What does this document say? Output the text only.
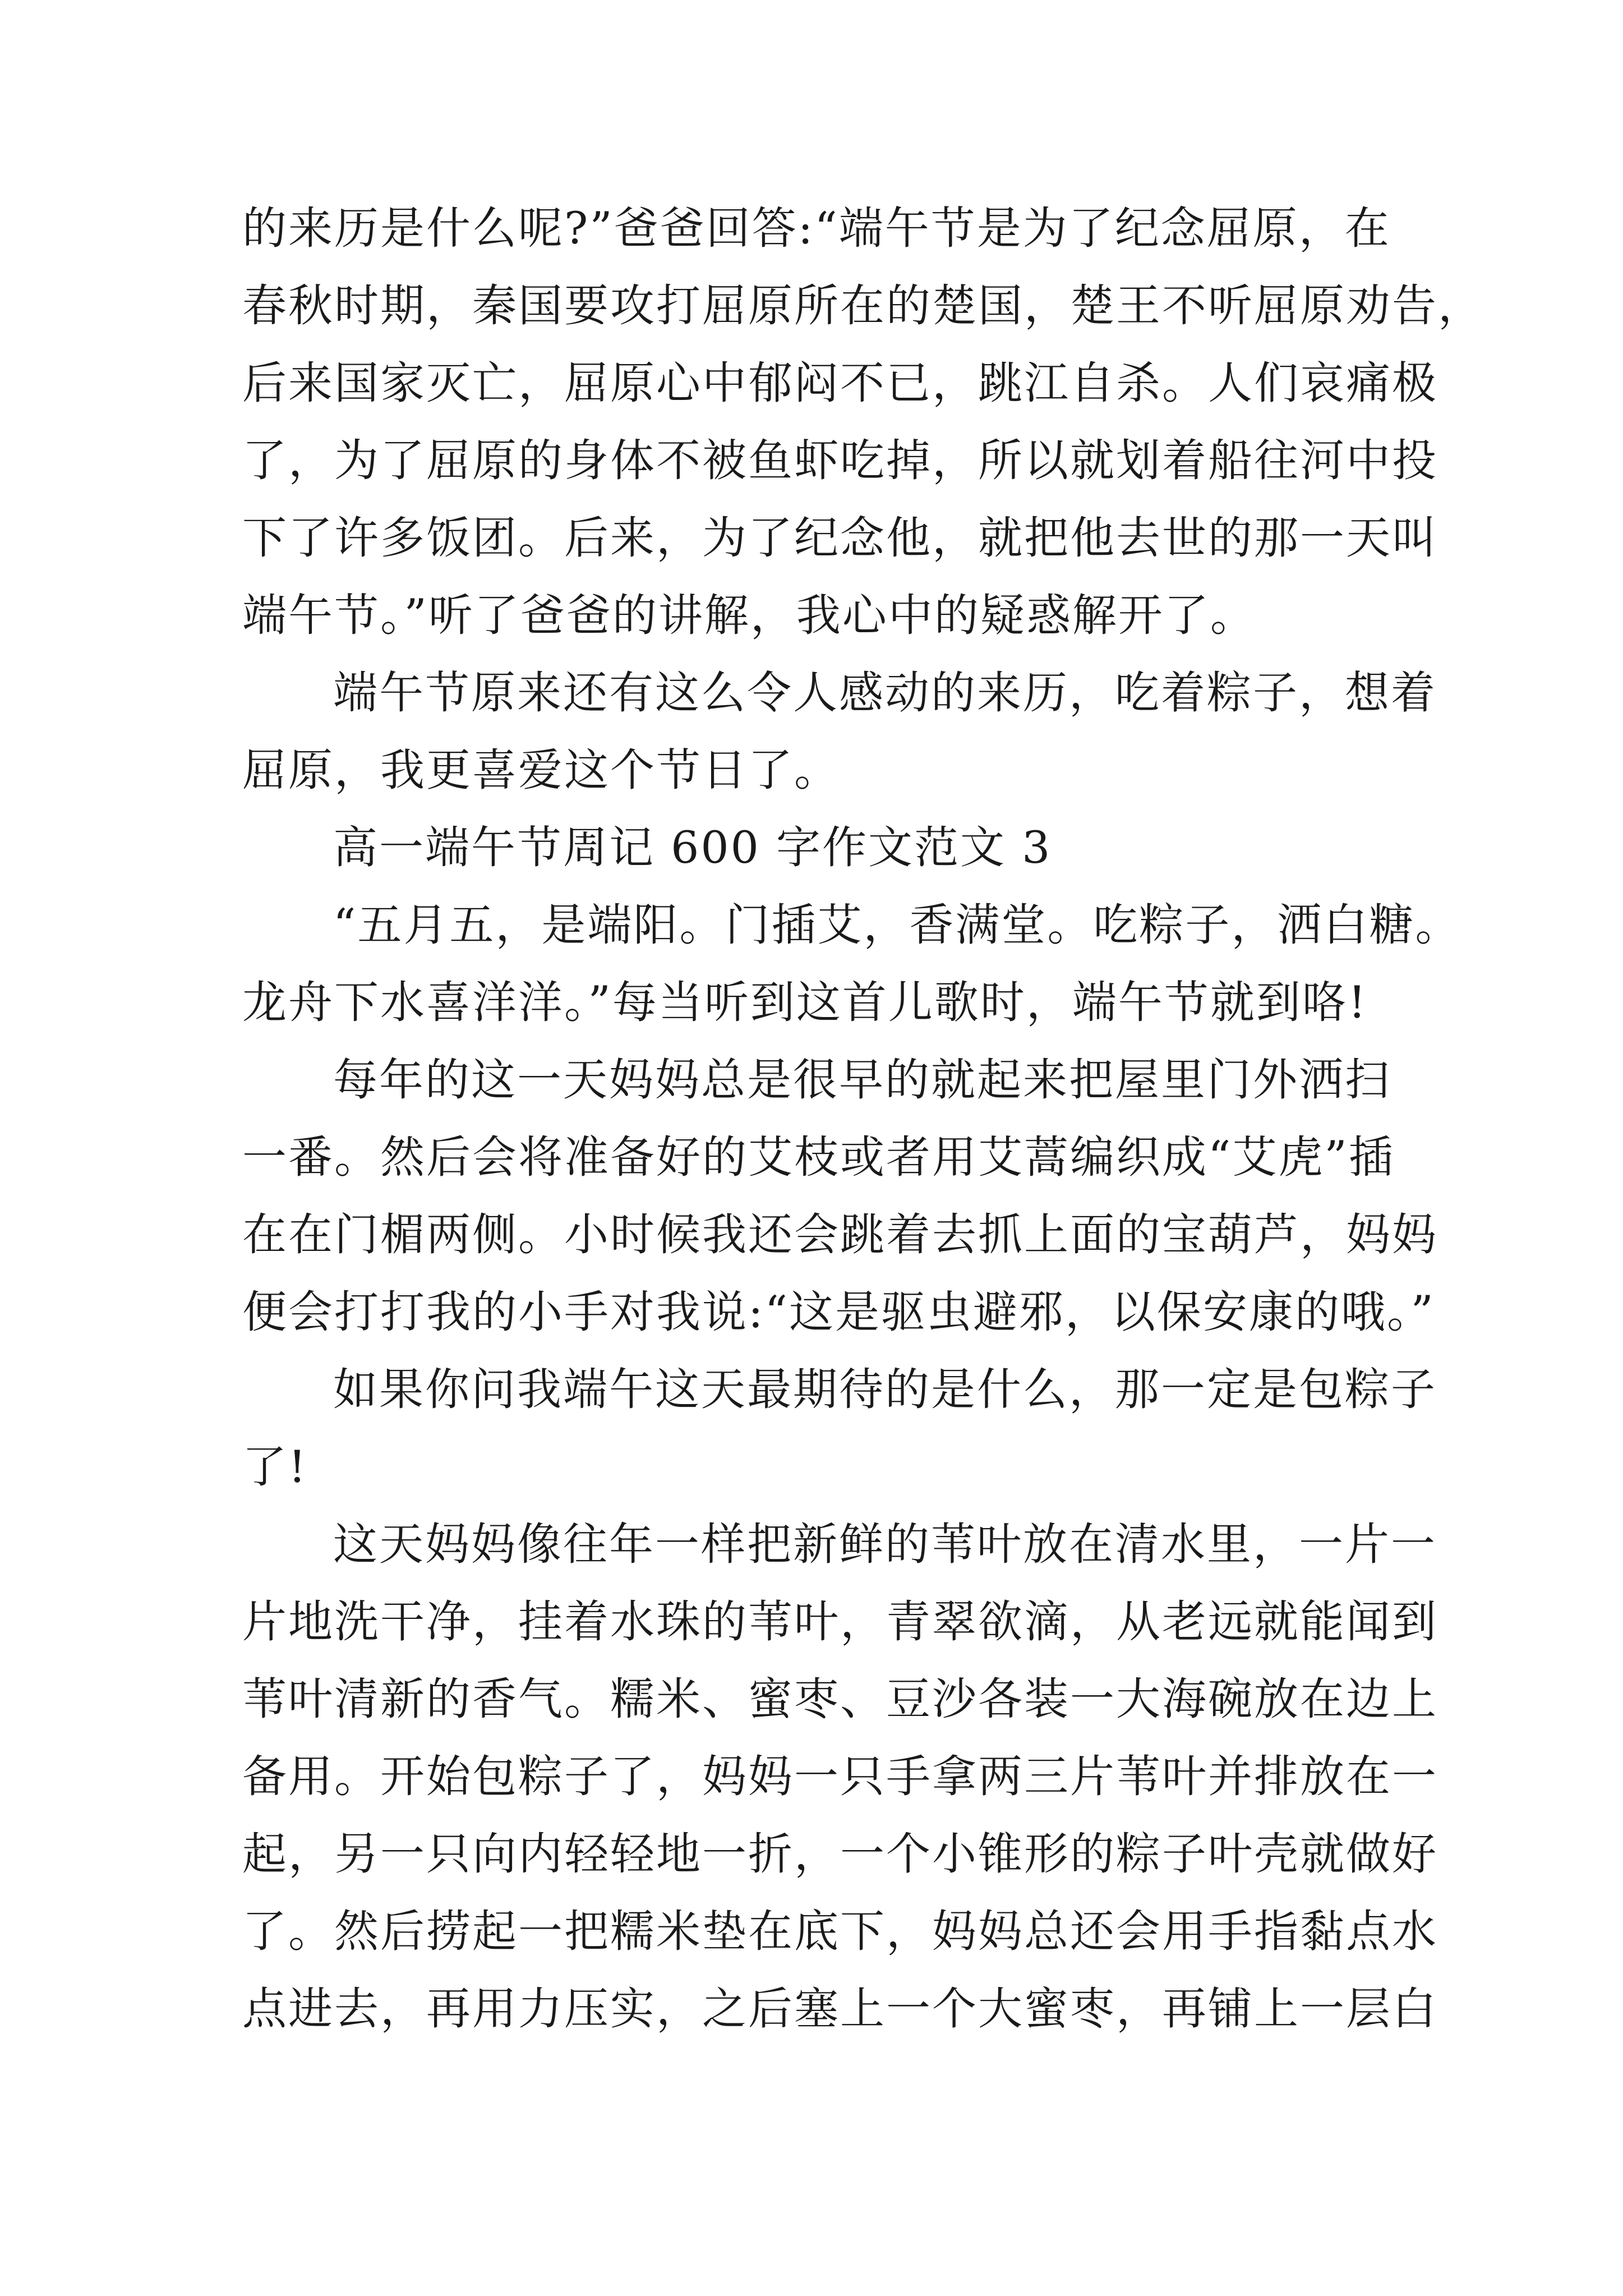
的来历是什么呢?”爸爸回答:“端午节是为了纪念屈原，在
春秋时期，秦国要攻打屈原所在的楚国，楚王不听屈原劝告，
后来国家灭亡，屈原心中郁闷不已，跳江自杀。人们哀痛极
了，为了屈原的身体不被鱼虾吃掉，所以就划着船往河中投
下了许多饭团。后来，为了纪念他，就把他去世的那一天叫
端午节。”听了爸爸的讲解，我心中的疑惑解开了。
端午节原来还有这么令人感动的来历，吃着粽子，想着
屈原，我更喜爱这个节日了。
高一端午节周记 600 字作文范文 3
“五月五，是端阳。门插艾，香满堂。吃粽子，洒白糖。
龙舟下水喜洋洋。”每当听到这首儿歌时，端午节就到咯!
每年的这一天妈妈总是很早的就起来把屋里门外洒扫
一番。然后会将准备好的艾枝或者用艾蒿编织成“艾虎”插
在在门楣两侧。小时候我还会跳着去抓上面的宝葫芦，妈妈
便会打打我的小手对我说:“这是驱虫避邪，以保安康的哦。”
如果你问我端午这天最期待的是什么，那一定是包粽子
了!
这天妈妈像往年一样把新鲜的苇叶放在清水里，一片一
片地洗干净，挂着水珠的苇叶，青翠欲滴，从老远就能闻到
苇叶清新的香气。糯米、蜜枣、豆沙各装一大海碗放在边上
备用。开始包粽子了，妈妈一只手拿两三片苇叶并排放在一
起，另一只向内轻轻地一折，一个小锥形的粽子叶壳就做好
了。然后捞起一把糯米垫在底下，妈妈总还会用手指黏点水
点进去，再用力压实，之后塞上一个大蜜枣，再铺上一层白
